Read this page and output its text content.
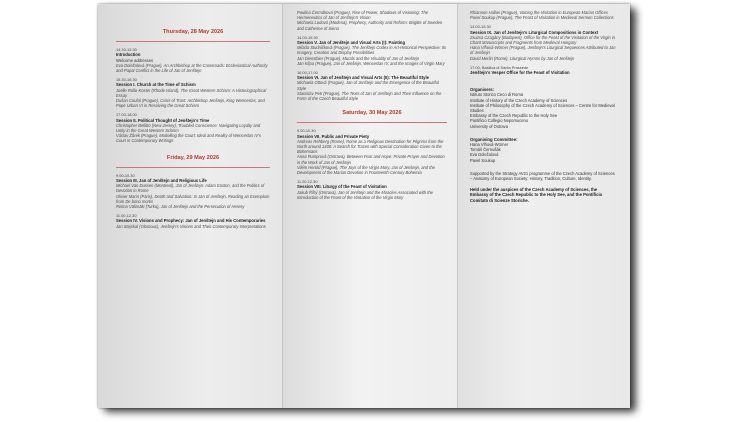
Thursday, 28 May 2026
14.30-15.30
Introduction
Welcome addresses
Eva Doležalová (Prague), An Archbishop at the Crossroads: Ecclesiastical Authority and Papal Conflict in the Life of Jan of Jenštejn
15.30-16.30
Session I. Church at the Time of Schism
Joëlle Rollo-Koster (Rhode Island), The Great Western Schism: A Historiographical Essay
Dušan Coufal (Prague), Crisis of Trust: Archbishop Jenštejn, King Wenceslas, and Pope Urban VI in Resolving the Great Schism
17.00-18.00
Session II. Political Thought of Jenštejn's Time
Christopher Bellitto (New Jersey), Troubled Conscience: Navigating Loyalty and Unity in the Great Western Schism
Václav Žůrek (Prague), Modelling the Court: Ideal and Reality of Wenceslas IV's Court in Contemporary Writings
Friday, 29 May 2026
9.00-10.30
Session III. Jan of Jenštejn and Religious Life
Michael Van Dussen (Montreal), Jan of Jenštejn: Adam Easton, and the Politics of Devotion in Rome
Olivier Marin (Paris), Death and Salvation: In Jan of Jenštejn, Reading an Exemplum from De bono mortis
Reima Välimäki (Turku), Jan of Jenštejn and the Persecution of Heresy
11.00-12.30
Session IV. Visions and Prophecy: Jan of Jenštejn and His Contemporaries
Jan Stejskal (Olomouc), Jenštejn's Visions and Their Contemporary Interpretations
Paulina Čermáková (Prague), Rise of Power, Shadows of Visioning: The Hermeneutics of Jan of Jenštejn's Vision
Michaela Lodová (Modena), Prophecy, Authority and Reform: Brigitte of Sweden and Catherine of Siena
14.00-15.30
Session V. Jan of Jenštejn and Visual Arts (I): Painting
Milada Studničková (Prague), The Jenštejn Codex in Art-Historical Perspective: Its Imagery, Creation and Display Possibilities
Jan Dienstbier (Prague), Murals and the Visuality of Jan of Jenštejn
Jan Klípa (Prague), Jan of Jenštejn, Wenceslas IV, and the Images of Virgin Mary
16.00-17.00
Session VI. Jan of Jenštejn and Visual Arts (II): The Beautiful Style
Michaela Ottová (Prague), Jan of Jenštejn and the Emergence of the Beautiful Style
Stanislav Petr (Prague), The Texts of Jan of Jenštejn and Their Influence on the Form of the Czech Beautiful Style
Saturday, 30 May 2026
9.00-10.30
Session VII. Public and Private Piety
Andreas Rehberg (Rome), Rome as a Religious Destination for Pilgrims from the North around 1400: A Search for Traces with Special Consideration Given to the Bohemians
Anna Pumprová (Ostrava), Between Fear and Hope: Private Prayer and Devotion in the Work of Jan of Jenštejn
Vilém Herold (Prague), The Joys of the Virgin Mary, Jan of Jenštejn, and the Development of the Marian Devotion in Fourteenth-Century Bohemia
11.00-12.30
Session VIII. Liturgy of the Feast of Visitation
Jakub Říhý (Ostrava), Jan of Jenštejn and the Miracles Associated with the Introduction of the Feast of the Visitation of the Virgin Mary
Rhiannon Hallas (Prague), Voicing the Visitation in European Marian Offices
Pavel Soukup (Prague), The Feast of Visitation in Medieval Sermon Collections
14.00-15.30
Session IX. Jan of Jenštejn's Liturgical Compositions in Context
Zsuzsa Czagány (Budapest), Office for the Feast of the Visitation of the Virgin in Chant Manuscripts and Fragments from Medieval Hungary
Hana Vlhová-Wörner (Prague), Jenštejn's Liturgical Sequences Attributed to Jan of Jenštejn
David Merlin (Rome), Liturgical Hymns by Jan of Jenštejn
17.00, Basilica di Santa Prassede
Jenštejn's Vesper Office for the Feast of Visitation
Organisers:
Istituto Storico Ceco di Roma
Institute of History of the Czech Academy of Sciences
Institute of Philosophy of the Czech Academy of Sciences – Centre for Medieval Studies
Embassy of the Czech Republic to the Holy See
Pontificio Collegio Nepomuceno
University of Ostrava
Organising Committee:
Hana Vlhová-Wörner
Tomáš Černušák
Eva Doležalová
Pavel Soukup
Supported by the Strategy AV21 programme of the Czech Academy of Sciences – Anatomy of European Society: History, Tradition, Culture, Identity.
Held under the auspices of the Czech Academy of Sciences, the Embassy of the Czech Republic to the Holy See, and the Pontificio Comitato di Scienze Storiche.
